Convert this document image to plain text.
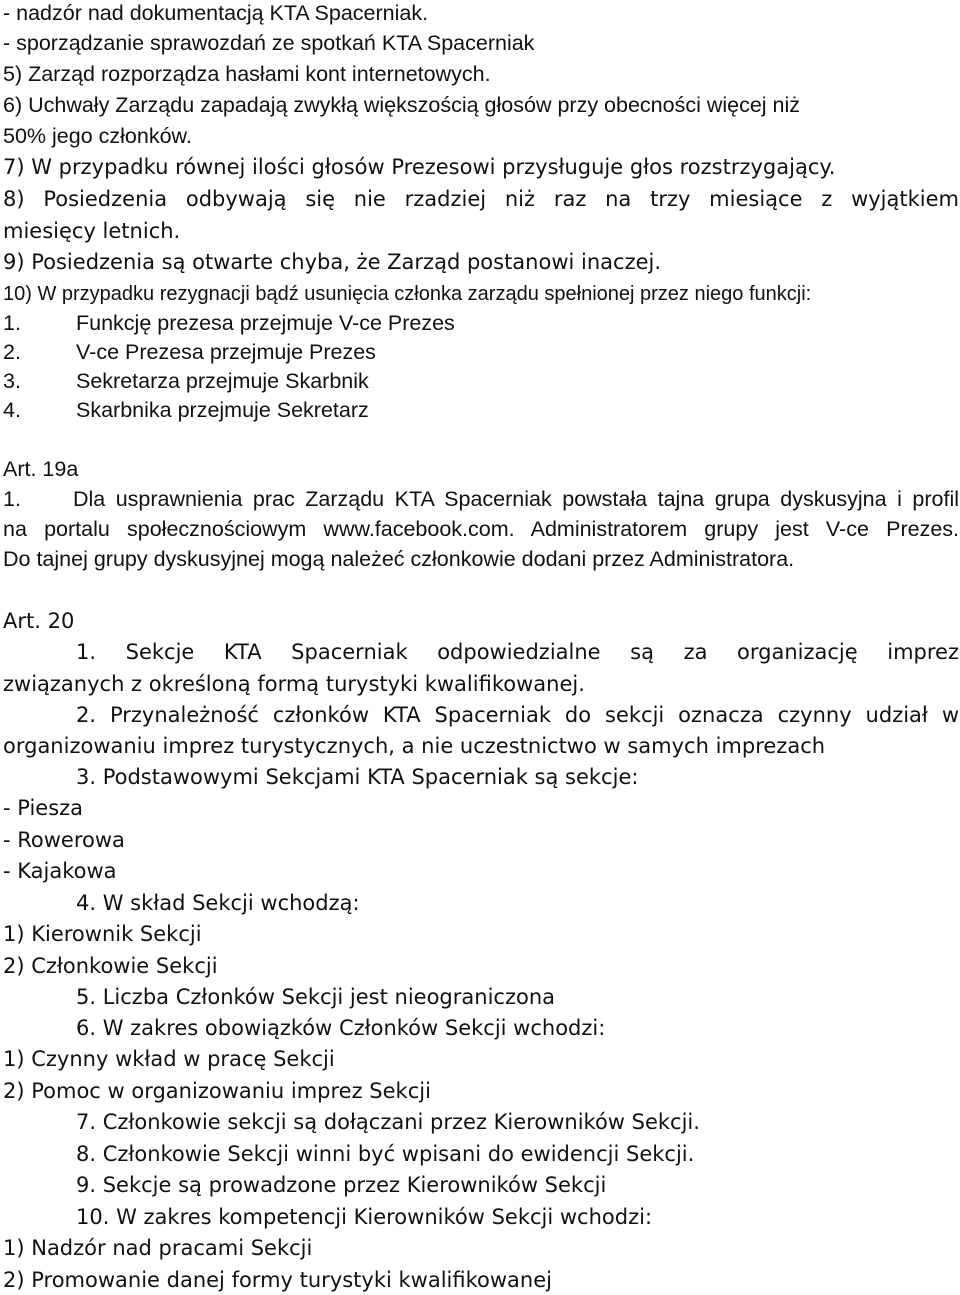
- nadzór nad dokumentacją KTA Spacerniak.
- sporządzanie sprawozdań ze spotkań KTA Spacerniak
5) Zarząd rozporządza hasłami kont internetowych.
6) Uchwały Zarządu zapadają zwykłą większością głosów przy obecności więcej niż
50% jego członków.
7) W przypadku równej ilości głosów Prezesowi przysługuje głos rozstrzygający.
8) Posiedzenia odbywają się nie rzadziej niż raz na trzy miesiące z wyjątkiem
miesięcy letnich.
9) Posiedzenia są otwarte chyba, że Zarząd postanowi inaczej.
10) W przypadku rezygnacji bądź usunięcia członka zarządu spełnionej przez niego funkcji:
1.	Funkcję prezesa przejmuje V-ce Prezes
2.	V-ce Prezesa przejmuje Prezes
3.	Sekretarza przejmuje Skarbnik
4.	Skarbnika przejmuje Sekretarz
Art. 19a
1. Dla usprawnienia prac Zarządu KTA Spacerniak powstała tajna grupa dyskusyjna i profil
na portalu społecznościowym www.facebook.com. Administratorem grupy jest V-ce Prezes.
Do tajnej grupy dyskusyjnej mogą należeć członkowie dodani przez Administratora.
Art. 20
1. Sekcje KTA Spacerniak odpowiedzialne są za organizację imprez
związanych z określoną formą turystyki kwalifikowanej.
2. Przynależność członków KTA Spacerniak do sekcji oznacza czynny udział w
organizowaniu imprez turystycznych, a nie uczestnictwo w samych imprezach
3. Podstawowymi Sekcjami KTA Spacerniak są sekcje:
- Piesza
- Rowerowa
- Kajakowa
4. W skład Sekcji wchodzą:
1) Kierownik Sekcji
2) Członkowie Sekcji
5. Liczba Członków Sekcji jest nieograniczona
6. W zakres obowiązków Członków Sekcji wchodzi:
1) Czynny wkład w pracę Sekcji
2) Pomoc w organizowaniu imprez Sekcji
7. Członkowie sekcji są dołączani przez Kierowników Sekcji.
8. Członkowie Sekcji winni być wpisani do ewidencji Sekcji.
9. Sekcje są prowadzone przez Kierowników Sekcji
10. W zakres kompetencji Kierowników Sekcji wchodzi:
1) Nadzór nad pracami Sekcji
2) Promowanie danej formy turystyki kwalifikowanej
